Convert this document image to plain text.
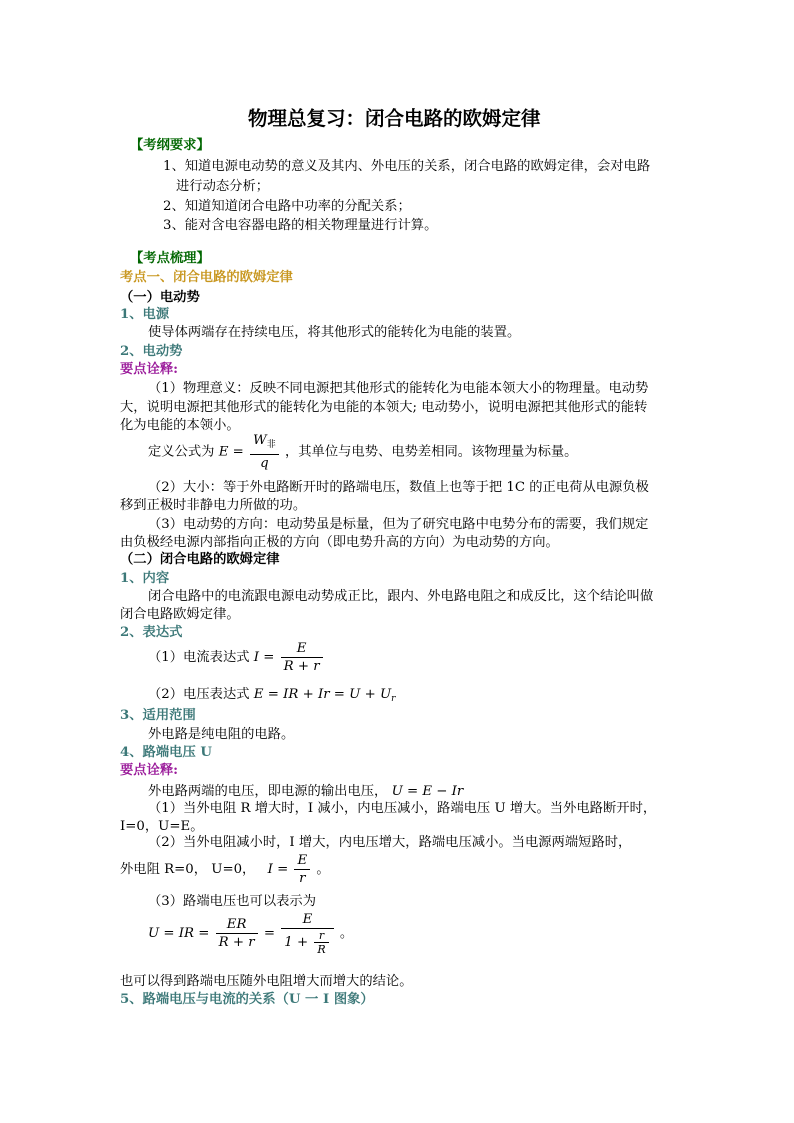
物理总复习：闭合电路的欧姆定律
【考纲要求】
1、知道电源电动势的意义及其内、外电压的关系，闭合电路的欧姆定律，会对电路
进行动态分析；
2、知道知道闭合电路中功率的分配关系；
3、能对含电容器电路的相关物理量进行计算。
【考点梳理】
考点一、闭合电路的欧姆定律
（一）电动势
1、电源
使导体两端存在持续电压，将其他形式的能转化为电能的装置。
2、电动势
要点诠释:
（1）物理意义：反映不同电源把其他形式的能转化为电能本领大小的物理量。电动势
大，说明电源把其他形式的能转化为电能的本领大; 电动势小，说明电源把其他形式的能转
化为电能的本领小。
定义公式为 $E = \frac{W_非}{q}$ ，其单位与电势、电势差相同。该物理量为标量。
（2）大小：等于外电路断开时的路端电压，数值上也等于把 1C 的正电荷从电源负极
移到正极时非静电力所做的功。
（3）电动势的方向：电动势虽是标量，但为了研究电路中电势分布的需要，我们规定
由负极经电源内部指向正极的方向（即电势升高的方向）为电动势的方向。
（二）闭合电路的欧姆定律
1、内容
闭合电路中的电流跟电源电动势成正比，跟内、外电路电阻之和成反比，这个结论叫做
闭合电路欧姆定律。
2、表达式
（1）电流表达式 $I = \frac{E}{R + r}$
（2）电压表达式 E = IR + $Ir = U + U_r$
3、适用范围
外电路是纯电阻的电路。
4、路端电压 U
要点诠释:
外电路两端的电压，即电源的输出电压， U = E − Ir
（1）当外电阻 R 增大时，I 减小，内电压减小，路端电压 U 增大。当外电路断开时，
I=0，U=E。
（2）当外电阻减小时，I 增大，内电压增大，路端电压减小。当电源两端短路时，
外电阻 R=0， U=0， $I = \frac{E}{r}$ 。
（3）路端电压也可以表示为
U = IR = $\frac{ER}{R + r} = \frac{E}{1 + \frac{r}{R}}$ 。
也可以得到路端电压随外电阻增大而增大的结论。
5、路端电压与电流的关系（U 一 I 图象）
